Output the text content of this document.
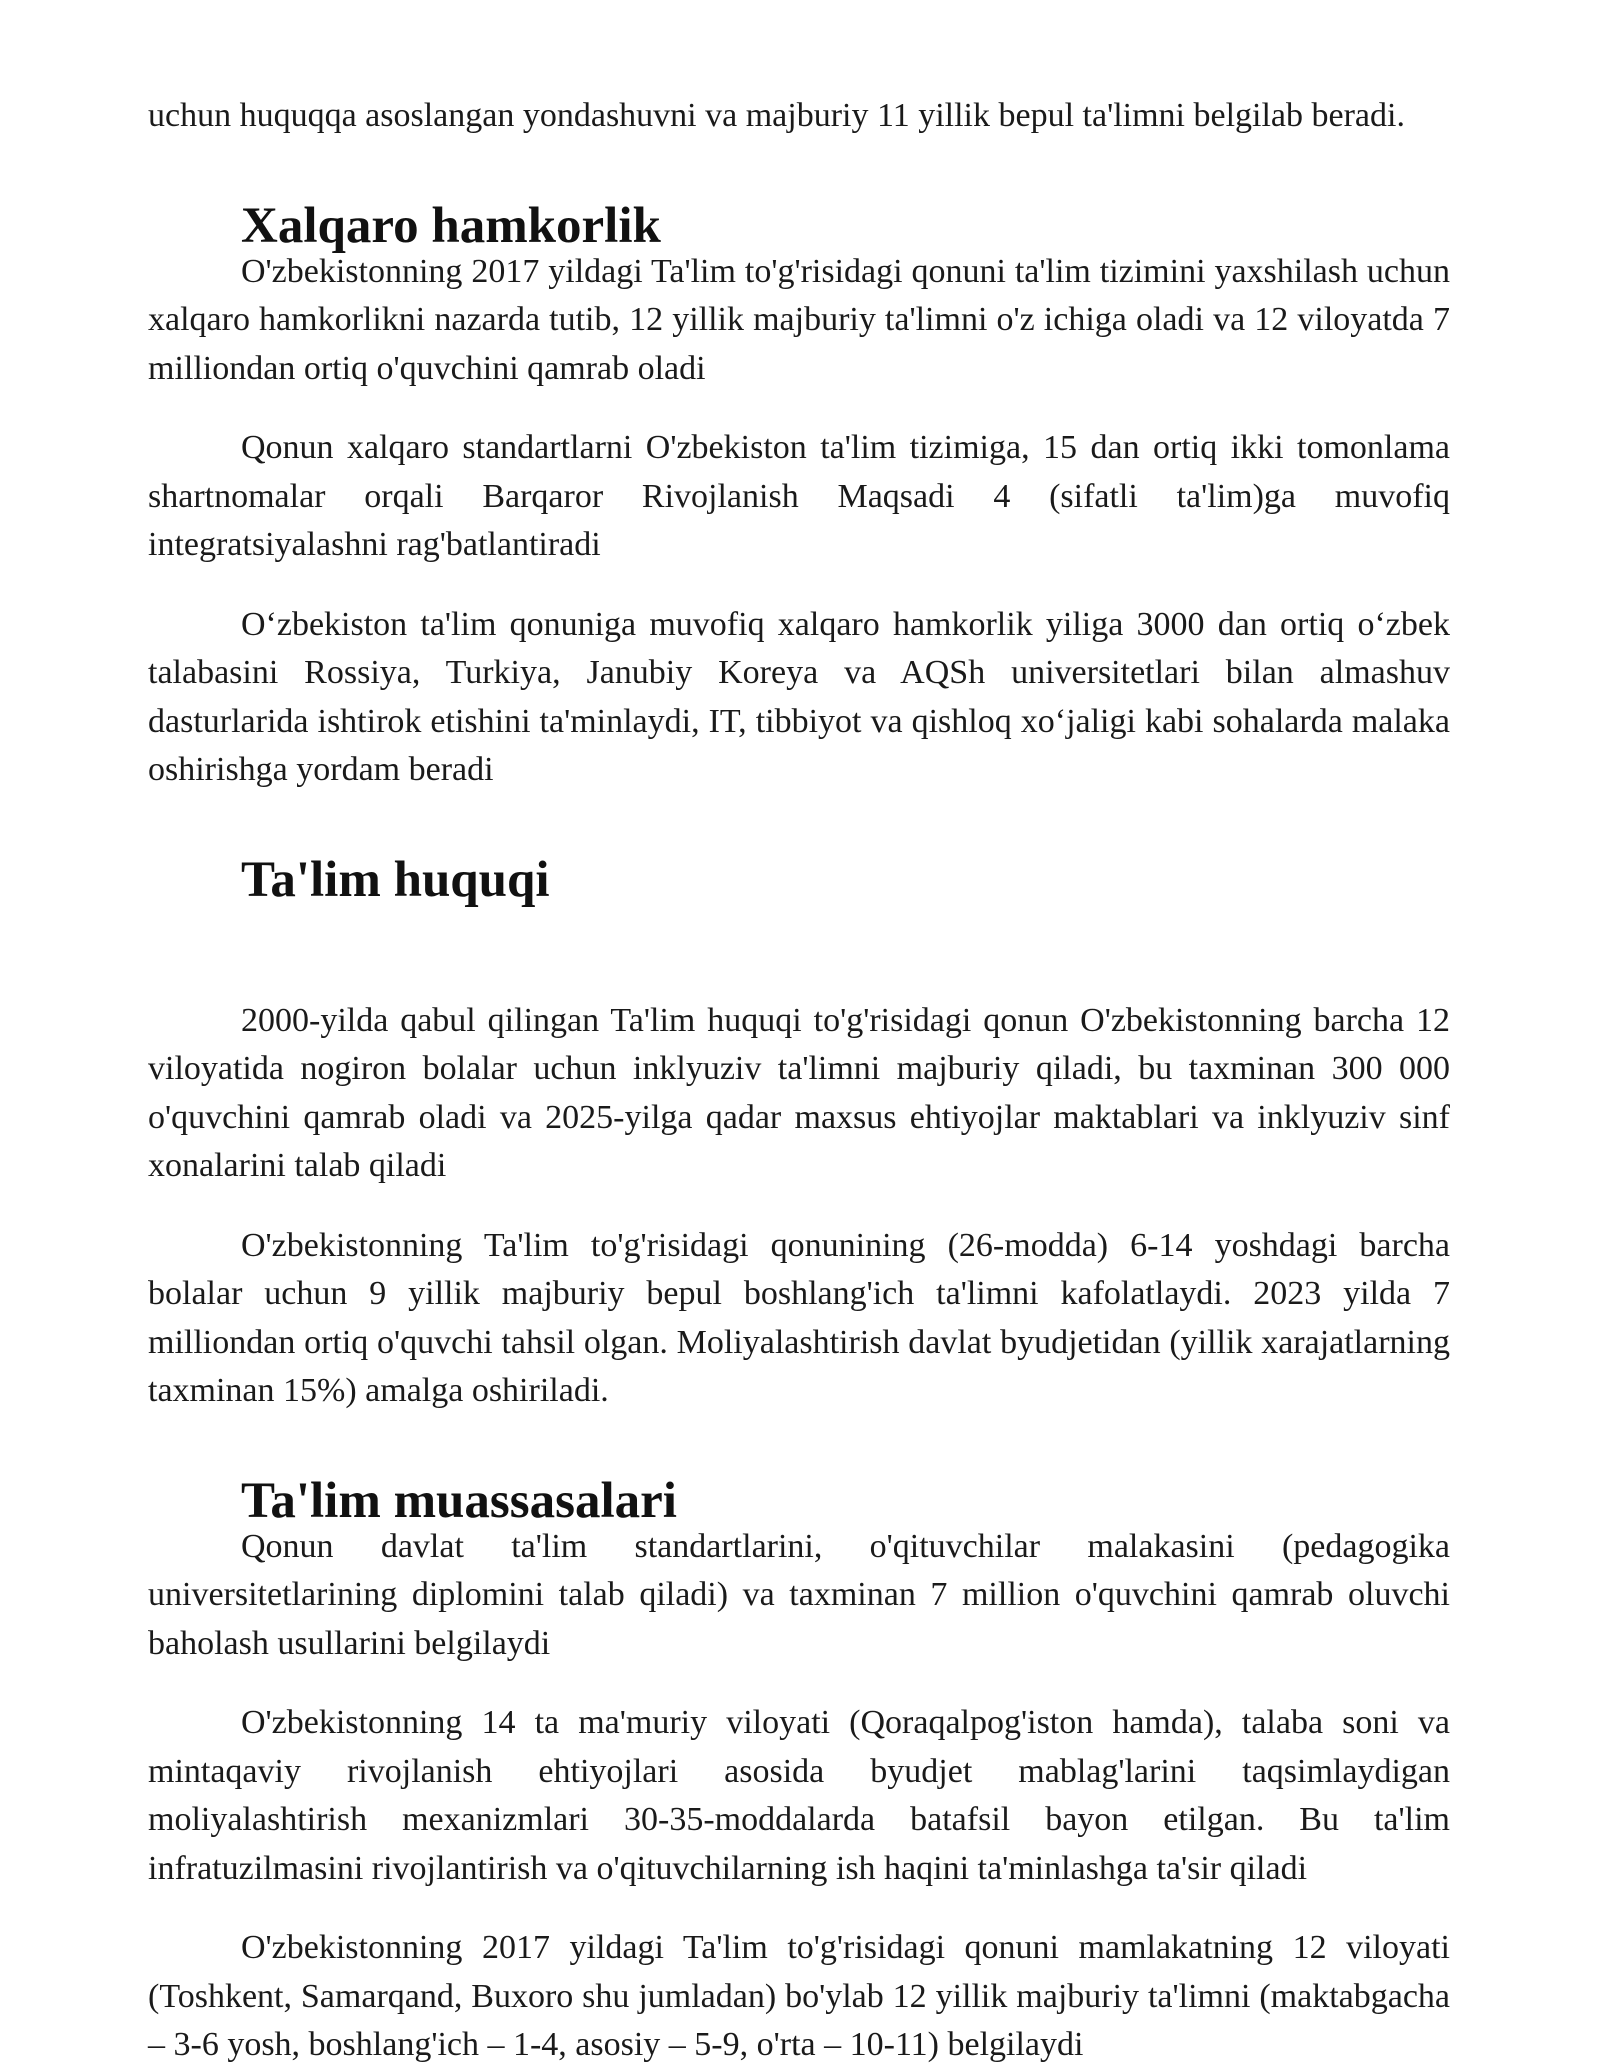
uchun huquqqa asoslangan yondashuvni va majburiy 11 yillik bepul ta'limni belgilab beradi.

Xalqaro hamkorlik

O'zbekistonning 2017 yildagi Ta'lim to'g'risidagi qonuni ta'lim tizimini yaxshilash uchun xalqaro hamkorlikni nazarda tutib, 12 yillik majburiy ta'limni o'z ichiga oladi va 12 viloyatda 7 milliondan ortiq o'quvchini qamrab oladi

Qonun xalqaro standartlarni O'zbekiston ta'lim tizimiga, 15 dan ortiq ikki tomonlama shartnomalar orqali Barqaror Rivojlanish Maqsadi 4 (sifatli ta'lim)ga muvofiq integratsiyalashni rag'batlantiradi

O‘zbekiston ta'lim qonuniga muvofiq xalqaro hamkorlik yiliga 3000 dan ortiq o‘zbek talabasini Rossiya, Turkiya, Janubiy Koreya va AQSh universitetlari bilan almashuv dasturlarida ishtirok etishini ta'minlaydi, IT, tibbiyot va qishloq xo‘jaligi kabi sohalarda malaka oshirishga yordam beradi

Ta'lim huquqi

2000-yilda qabul qilingan Ta'lim huquqi to'g'risidagi qonun O'zbekistonning barcha 12 viloyatida nogiron bolalar uchun inklyuziv ta'limni majburiy qiladi, bu taxminan 300 000 o'quvchini qamrab oladi va 2025-yilga qadar maxsus ehtiyojlar maktablari va inklyuziv sinf xonalarini talab qiladi

O'zbekistonning Ta'lim to'g'risidagi qonunining (26-modda) 6-14 yoshdagi barcha bolalar uchun 9 yillik majburiy bepul boshlang'ich ta'limni kafolatlaydi. 2023 yilda 7 milliondan ortiq o'quvchi tahsil olgan. Moliyalashtirish davlat byudjetidan (yillik xarajatlarning taxminan 15%) amalga oshiriladi.

Ta'lim muassasalari

Qonun davlat ta'lim standartlarini, o'qituvchilar malakasini (pedagogika universitetlarining diplomini talab qiladi) va taxminan 7 million o'quvchini qamrab oluvchi baholash usullarini belgilaydi

O'zbekistonning 14 ta ma'muriy viloyati (Qoraqalpog'iston hamda), talaba soni va mintaqaviy rivojlanish ehtiyojlari asosida byudjet mablag'larini taqsimlaydigan moliyalashtirish mexanizmlari 30-35-moddalarda batafsil bayon etilgan. Bu ta'lim infratuzilmasini rivojlantirish va o'qituvchilarning ish haqini ta'minlashga ta'sir qiladi

O'zbekistonning 2017 yildagi Ta'lim to'g'risidagi qonuni mamlakatning 12 viloyati (Toshkent, Samarqand, Buxoro shu jumladan) bo'ylab 12 yillik majburiy ta'limni (maktabgacha – 3-6 yosh, boshlang'ich – 1-4, asosiy – 5-9, o'rta – 10-11) belgilaydi
